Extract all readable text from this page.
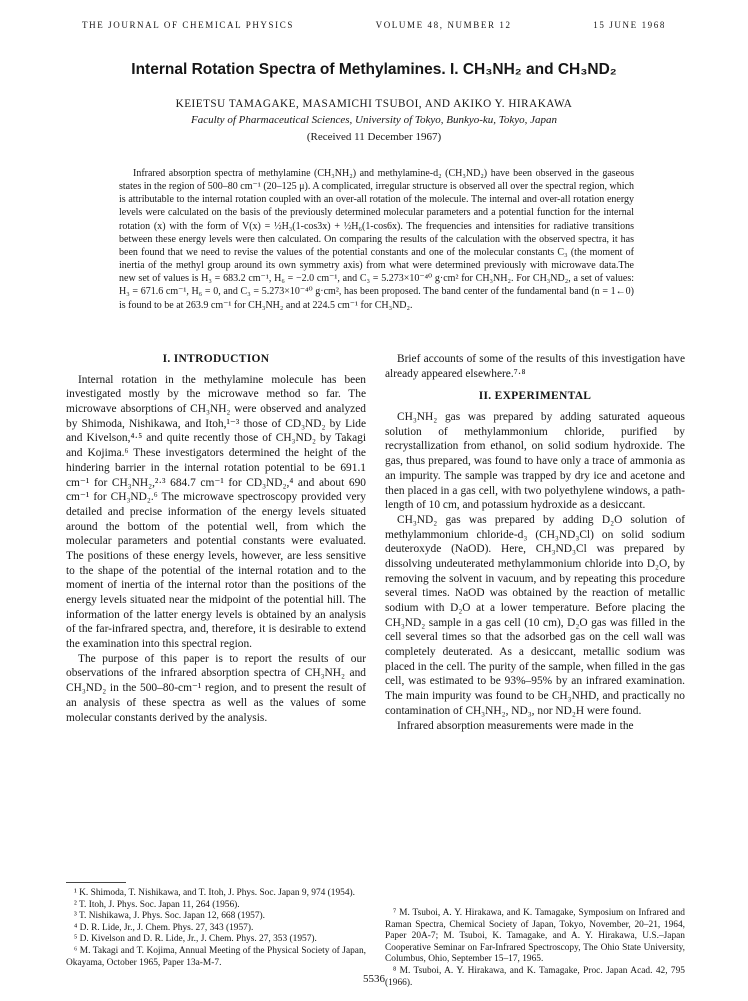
THE JOURNAL OF CHEMICAL PHYSICS	VOLUME 48, NUMBER 12	15 JUNE 1968
Internal Rotation Spectra of Methylamines. I. CH₃NH₂ and CH₃ND₂
KEIETSU TAMAGAKE, MASAMICHI TSUBOI, AND AKIKO Y. HIRAKAWA
Faculty of Pharmaceutical Sciences, University of Tokyo, Bunkyo-ku, Tokyo, Japan
(Received 11 December 1967)
Infrared absorption spectra of methylamine (CH₃NH₂) and methylamine-d₂ (CH₃ND₂) have been observed in the gaseous states in the region of 500–80 cm⁻¹ (20–125 μ). A complicated, irregular structure is observed all over the spectral region, which is attributable to the internal rotation coupled with an over-all rotation of the molecule. The internal and over-all rotation energy levels were calculated on the basis of the previously determined molecular parameters and a potential function for the internal rotation (x) with the form of V(x) = ½H₃(1-cos3x) + ½H₆(1-cos6x). The frequencies and intensities for radiative transitions between these energy levels were then calculated. On comparing the results of the calculation with the observed spectra, it has been found that we need to revise the values of the potential constants and one of the molecular constants C₃ (the moment of inertia of the methyl group around its own symmetry axis) from what were determined previously with microwave data.The new set of values is H₃ = 683.2 cm⁻¹, H₆ = −2.0 cm⁻¹, and C₃ = 5.273×10⁻⁴⁰ g·cm² for CH₃NH₂. For CH₃ND₂, a set of values: H₃ = 671.6 cm⁻¹, H₆ = 0, and C₃ = 5.273×10⁻⁴⁰ g·cm², has been proposed. The band center of the fundamental band (n = 1←0) is found to be at 263.9 cm⁻¹ for CH₃NH₂ and at 224.5 cm⁻¹ for CH₃ND₂.
I. INTRODUCTION

Internal rotation in the methylamine molecule has been investigated mostly by the microwave method so far. The microwave absorptions of CH₃NH₂ were observed and analyzed by Shimoda, Nishikawa, and Itoh,¹⁻³ those of CD₃ND₂ by Lide and Kivelson,⁴·⁵ and quite recently those of CH₃ND₂ by Takagi and Kojima.⁶ These investigators determined the height of the hindering barrier in the internal rotation potential to be 691.1 cm⁻¹ for CH₃NH₂,²·³ 684.7 cm⁻¹ for CD₃ND₂,⁴ and about 690 cm⁻¹ for CH₃ND₂.⁶ The microwave spectroscopy provided very detailed and precise information of the energy levels situated around the bottom of the potential well, from which the molecular parameters and potential constants were evaluated. The positions of these energy levels, however, are less sensitive to the shape of the potential of the internal rotation and to the moment of inertia of the internal rotor than the positions of the energy levels situated near the midpoint of the potential hill. The information of the latter energy levels is obtained by an analysis of the far-infrared spectra, and, therefore, it is desirable to extend the examination into this spectral region.

The purpose of this paper is to report the results of our observations of the infrared absorption spectra of CH₃NH₂ and CH₃ND₂ in the 500–80-cm⁻¹ region, and to present the result of an analysis of these spectra as well as the values of some molecular constants derived by the analysis.

Brief accounts of some of the results of this investigation have already appeared elsewhere.⁷·⁸

II. EXPERIMENTAL

CH₃NH₂ gas was prepared by adding saturated aqueous solution of methylammonium chloride, purified by recrystallization from ethanol, on solid sodium hydroxide. The gas, thus prepared, was found to have only a trace of ammonia as an impurity. The sample was trapped by dry ice and acetone and then placed in a gas cell, with two polyethylene windows, a path-length of 10 cm, and potassium hydroxide as a desiccant.

CH₃ND₂ gas was prepared by adding D₂O solution of methylammonium chloride-d₃ (CH₃ND₃Cl) on solid sodium deuteroxyde (NaOD). Here, CH₃ND₃Cl was prepared by dissolving undeuterated methylammonium chloride into D₂O, by removing the solvent in vacuum, and by repeating this procedure several times. NaOD was obtained by the reaction of metallic sodium with D₂O at a lower temperature. Before placing the CH₃ND₂ sample in a gas cell (10 cm), D₂O gas was filled in the cell several times so that the adsorbed gas on the cell wall was completely deuterated. As a desiccant, metallic sodium was placed in the cell. The purity of the sample, when filled in the gas cell, was estimated to be 93%–95% by an infrared examination. The main impurity was found to be CH₃NHD, and practically no contamination of CH₃NH₂, ND₃, nor ND₂H were found.

Infrared absorption measurements were made in the

¹ K. Shimoda, T. Nishikawa, and T. Itoh, J. Phys. Soc. Japan 9, 974 (1954).

² T. Itoh, J. Phys. Soc. Japan 11, 264 (1956).

³ T. Nishikawa, J. Phys. Soc. Japan 12, 668 (1957).

⁴ D. R. Lide, Jr., J. Chem. Phys. 27, 343 (1957).

⁵ D. Kivelson and D. R. Lide, Jr., J. Chem. Phys. 27, 353 (1957).

⁶ M. Takagi and T. Kojima, Annual Meeting of the Physical Society of Japan, Okayama, October 1965, Paper 13a-M-7.

⁷ M. Tsuboi, A. Y. Hirakawa, and K. Tamagake, Symposium on Infrared and Raman Spectra, Chemical Society of Japan, Tokyo, November, 20–21, 1964, Paper 20A-7; M. Tsuboi, K. Tamagake, and A. Y. Hirakawa, U.S.–Japan Cooperative Seminar on Far-Infrared Spectroscopy, The Ohio State University, Columbus, Ohio, September 15–17, 1965.

⁸ M. Tsuboi, A. Y. Hirakawa, and K. Tamagake, Proc. Japan Acad. 42, 795 (1966).

5536
